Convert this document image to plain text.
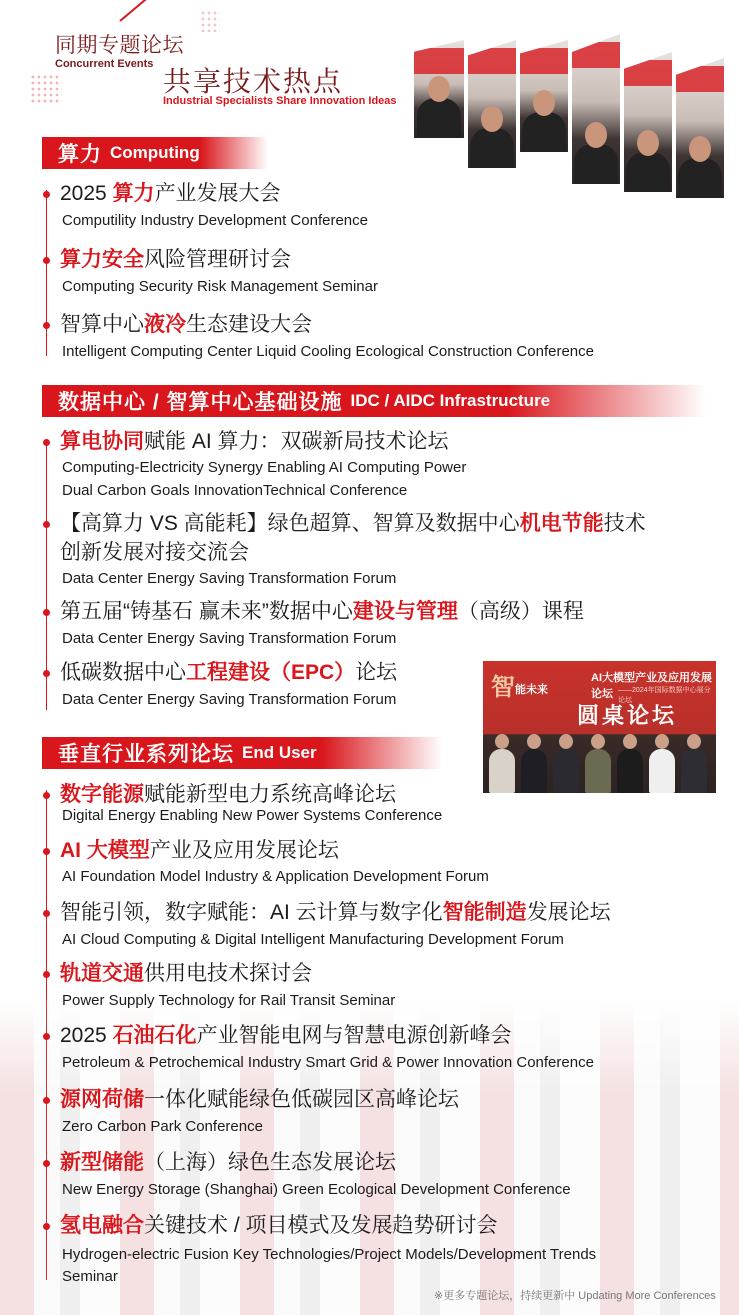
同期专题论坛
Concurrent Events
共享技术热点
Industrial Specialists Share Innovation Ideas
算力 Computing
数据中心 / 智算中心基础设施 IDC / AIDC Infrastructure
垂直行业系列论坛 End User
2025 算力产业发展大会
Computility Industry Development Conference
算力安全风险管理研讨会
Computing Security Risk Management Seminar
智算中心液冷生态建设大会
Intelligent Computing Center Liquid Cooling Ecological Construction Conference
算电协同赋能 AI 算力：双碳新局技术论坛
Computing-Electricity Synergy Enabling AI Computing Power
Dual Carbon Goals InnovationTechnical Conference
【高算力 VS 高能耗】绿色超算、智算及数据中心机电节能技术
创新发展对接交流会
Data Center Energy Saving Transformation Forum
第五届“铸基石 赢未来”数据中心建设与管理（高级）课程
Data Center Energy Saving Transformation Forum
低碳数据中心工程建设（EPC）论坛
Data Center Energy Saving Transformation Forum
数字能源赋能新型电力系统高峰论坛
Digital Energy Enabling New Power Systems Conference
AI 大模型产业及应用发展论坛
AI Foundation Model Industry & Application Development Forum
智能引领，数字赋能：AI 云计算与数字化智能制造发展论坛
AI Cloud Computing & Digital Intelligent Manufacturing Development Forum
轨道交通供用电技术探讨会
Power Supply Technology for Rail Transit Seminar
2025 石油石化产业智能电网与智慧电源创新峰会
Petroleum & Petrochemical Industry Smart Grid & Power Innovation Conference
源网荷储一体化赋能绿色低碳园区高峰论坛
Zero Carbon Park Conference
新型储能（上海）绿色生态发展论坛
New Energy Storage (Shanghai) Green Ecological Development Conference
氢电融合关键技术 / 项目模式及发展趋势研讨会
Hydrogen-electric Fusion Key Technologies/Project Models/Development Trends
Seminar
智 能未来
AI大模型产业及应用发展论坛 ——2024年国际数据中心展分论坛
圆桌论坛
※更多专题论坛，持续更新中 Updating More Conferences
